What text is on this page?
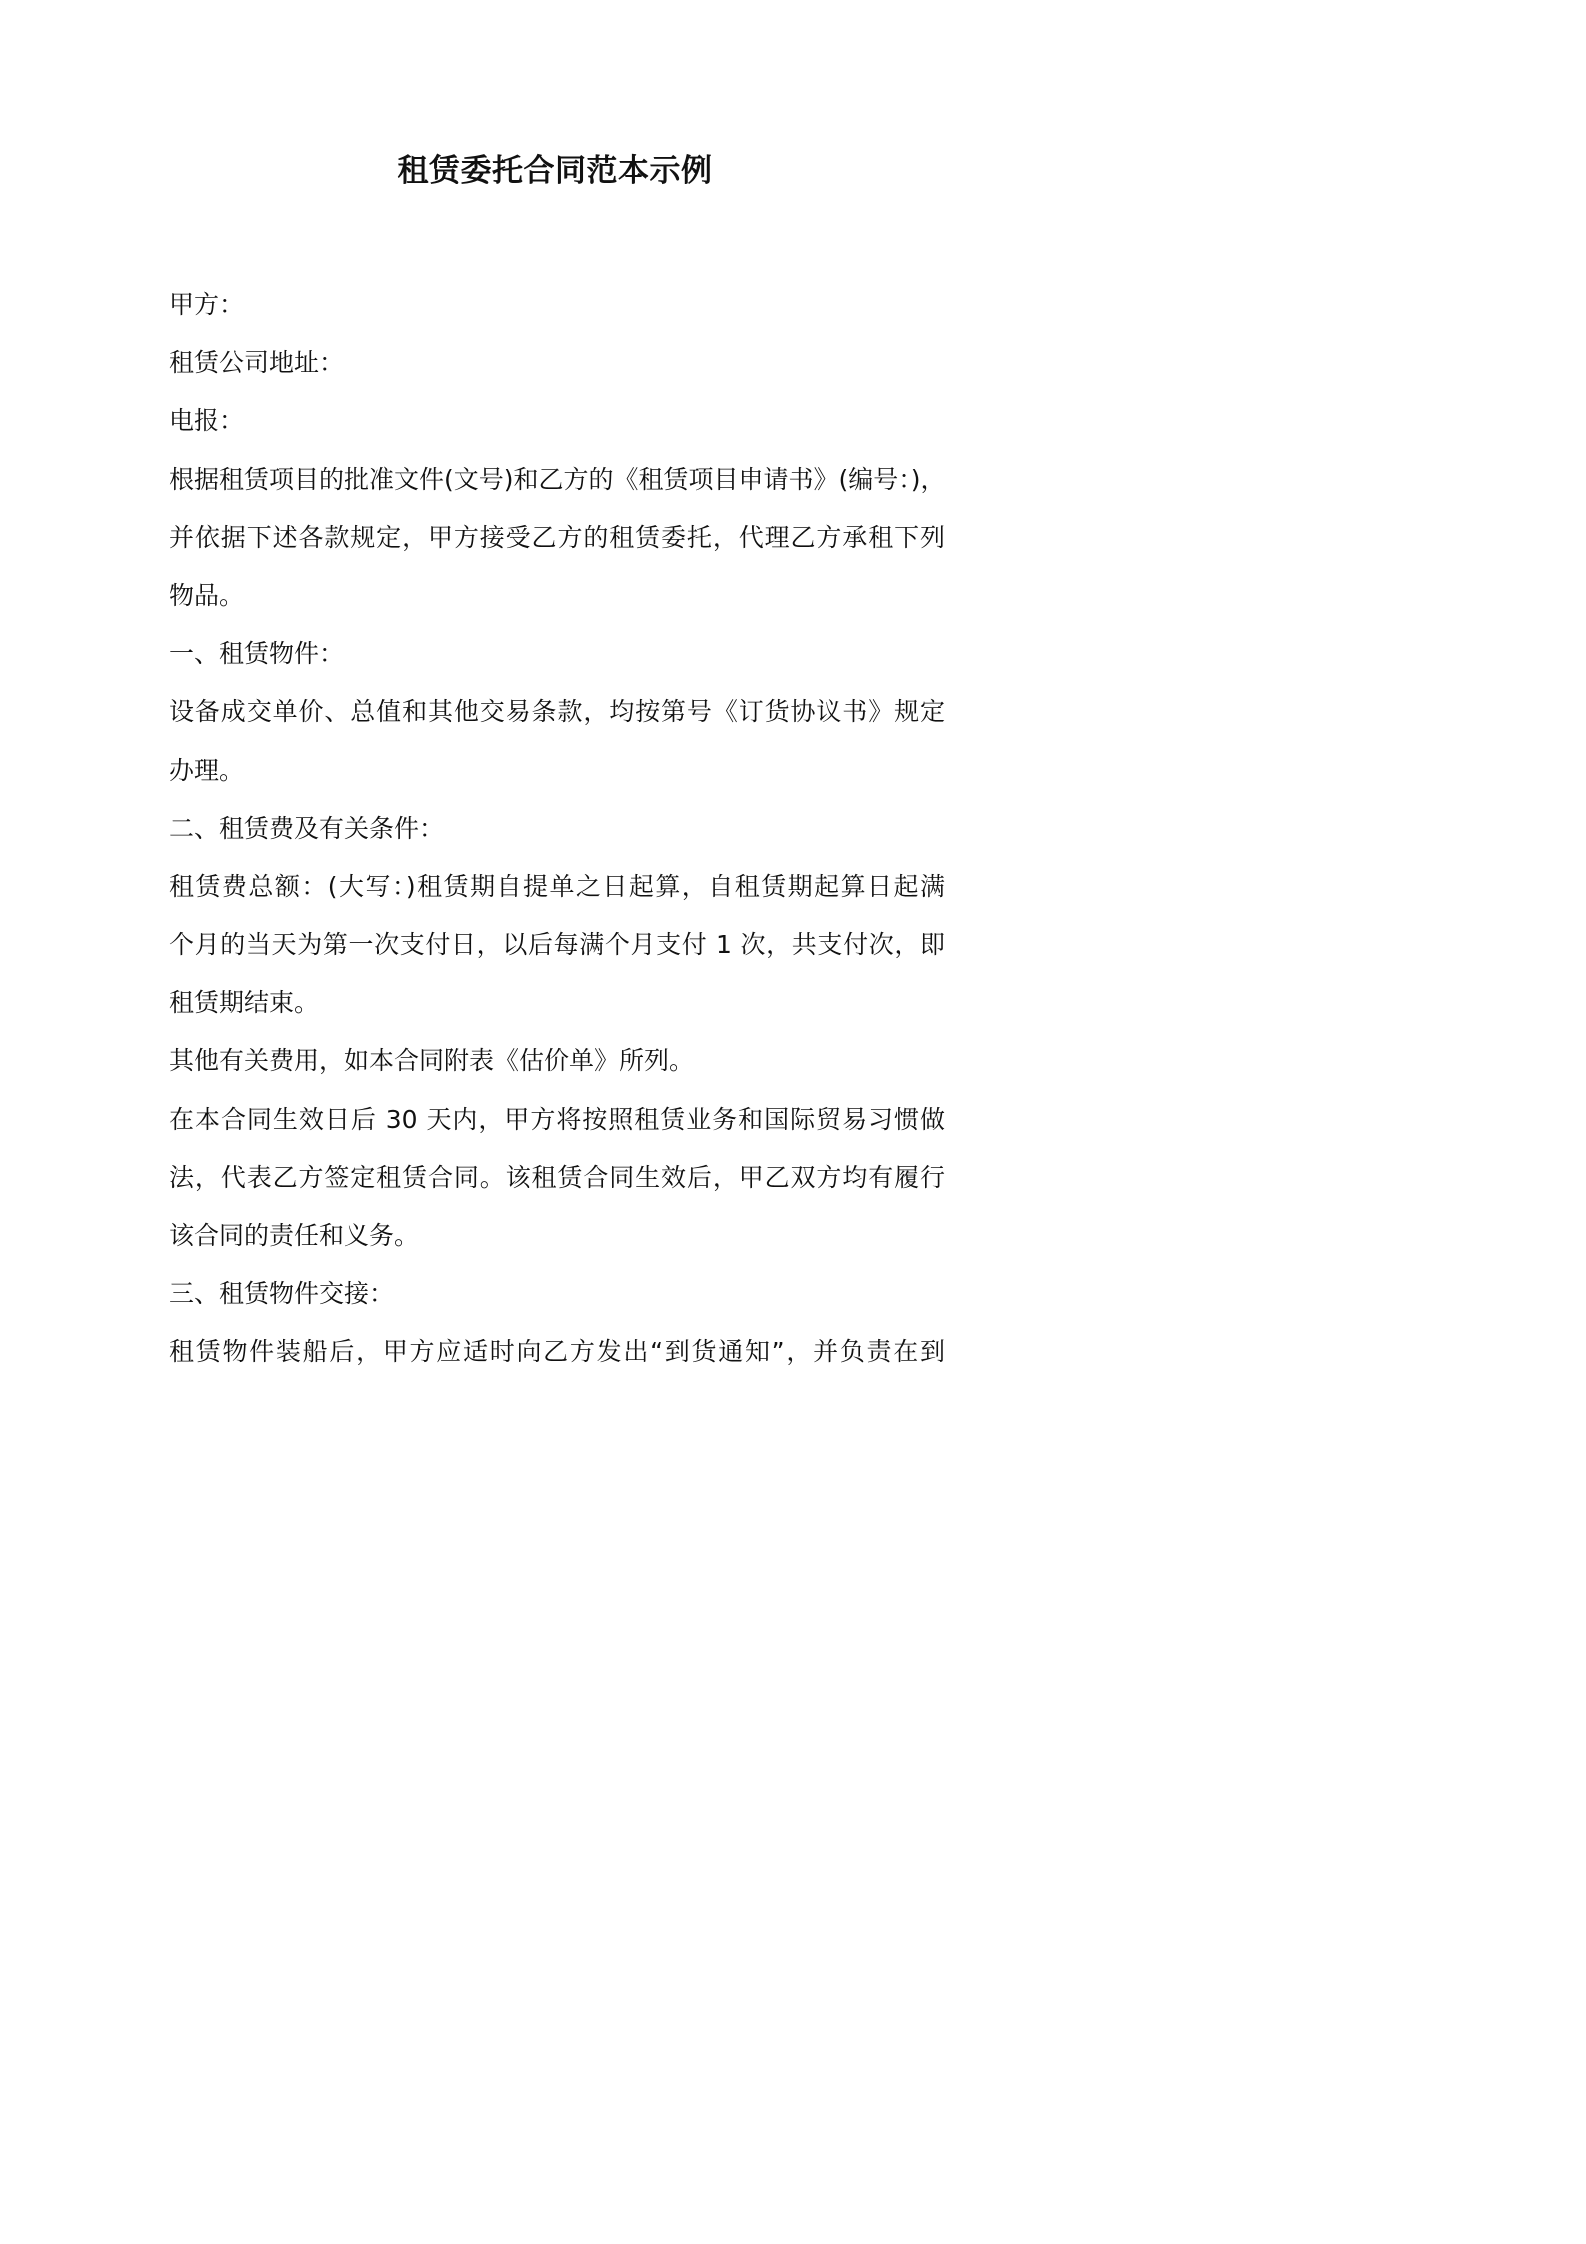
租赁委托合同范本示例
甲方：
租赁公司地址：
电报：
根据租赁项目的批准文件(文号)和乙方的《租赁项目申请书》(编号：)，
并依据下述各款规定，甲方接受乙方的租赁委托，代理乙方承租下列
物品。
一、租赁物件：
设备成交单价、总值和其他交易条款，均按第号《订货协议书》规定
办理。
二、租赁费及有关条件：
租赁费总额：(大写：)租赁期自提单之日起算，自租赁期起算日起满
个月的当天为第一次支付日，以后每满个月支付 1 次，共支付次，即
租赁期结束。
其他有关费用，如本合同附表《估价单》所列。
在本合同生效日后 30 天内，甲方将按照租赁业务和国际贸易习惯做
法，代表乙方签定租赁合同。该租赁合同生效后，甲乙双方均有履行
该合同的责任和义务。
三、租赁物件交接：
租赁物件装船后，甲方应适时向乙方发出“到货通知”，并负责在到
